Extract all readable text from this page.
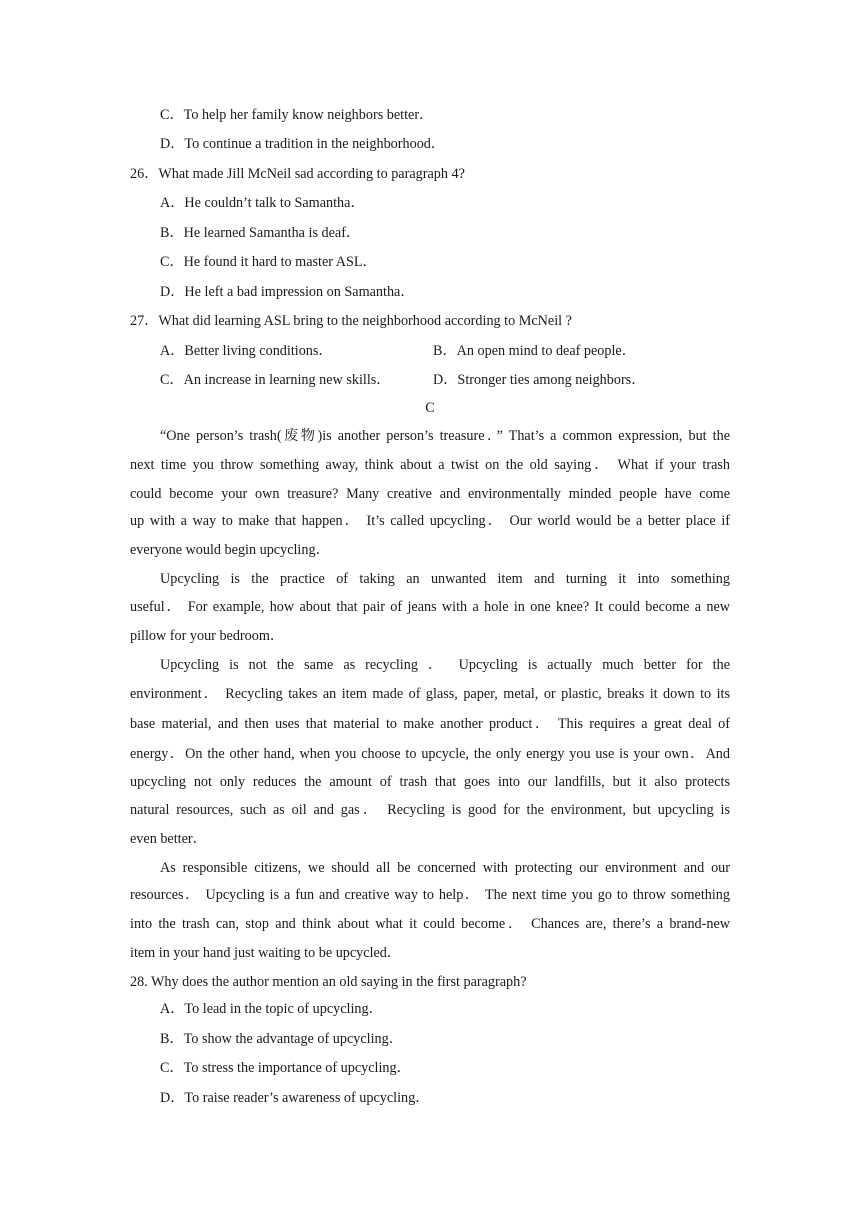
C．To help her family know neighbors better．
D．To continue a tradition in the neighborhood．
26．What made Jill McNeil sad according to paragraph 4?
A．He couldn’t talk to Samantha．
B．He learned Samantha is deaf．
C．He found it hard to master ASL．
D．He left a bad impression on Samantha．
27．What did learning ASL bring to the neighborhood according to McNeil ?
A．Better living conditions．	B．An open mind to deaf people．
C．An increase in learning new skills．	D．Stronger ties among neighbors．
C
“One person’s trash(废物)is another person’s treasure．” That’s a common expression, but the
next time you throw something away, think about a twist on the old saying． What if your trash
could become your own treasure? Many creative and environmentally minded people have come
up with a way to make that happen． It’s called upcycling． Our world would be a better place if
everyone would begin upcycling．
Upcycling is the practice of taking an unwanted item and turning it into something
useful． For example, how about that pair of jeans with a hole in one knee? It could become a new
pillow for your bedroom．
Upcycling is not the same as recycling ． Upcycling is actually much better for the
environment． Recycling takes an item made of glass, paper, metal, or plastic, breaks it down to its
base material, and then uses that material to make another product． This requires a great deal of
energy．On the other hand, when you choose to upcycle, the only energy you use is your own．And
upcycling not only reduces the amount of trash that goes into our landfills, but it also protects
natural resources, such as oil and gas． Recycling is good for the environment, but upcycling is
even better．
As responsible citizens, we should all be concerned with protecting our environment and our
resources． Upcycling is a fun and creative way to help． The next time you go to throw something
into the trash can, stop and think about what it could become． Chances are, there’s a brand-new
item in your hand just waiting to be upcycled．
28. Why does the author mention an old saying in the first paragraph?
A．To lead in the topic of upcycling．
B．To show the advantage of upcycling．
C．To stress the importance of upcycling．
D．To raise reader’s awareness of upcycling．
